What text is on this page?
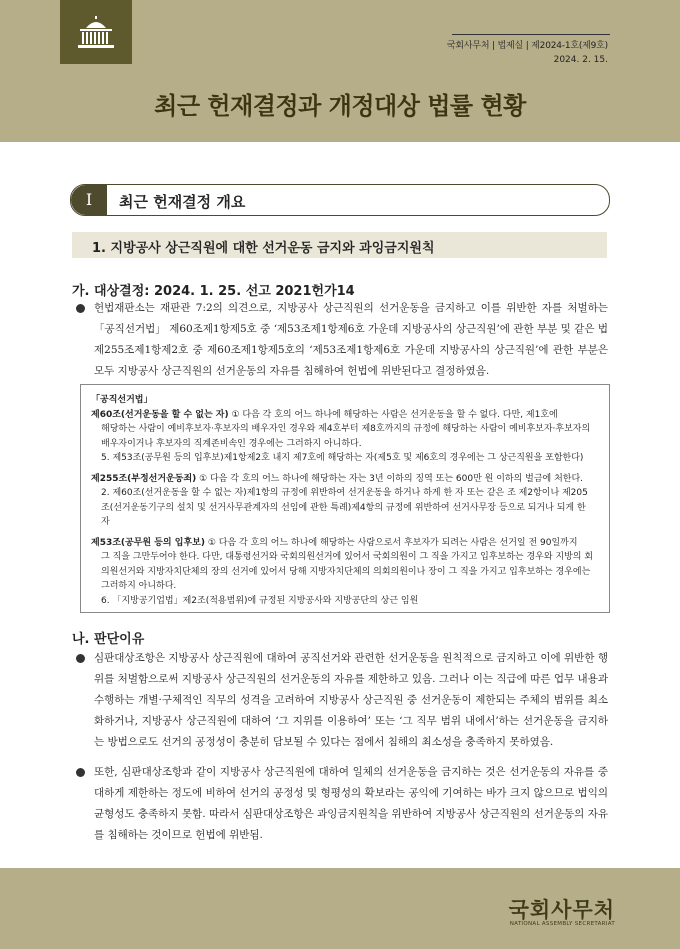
국회사무처 | 법제실 | 제2024-1호(제9호)
2024. 2. 15.
최근 헌재결정과 개정대상 법률 현황
I	최근 헌재결정 개요
1. 지방공사 상근직원에 대한 선거운동 금지와 과잉금지원칙
가. 대상결정: 2024. 1. 25. 선고 2021헌가14
헌법재판소는 재판관 7:2의 의견으로, 지방공사 상근직원의 선거운동을 금지하고 이를 위반한 자를 처벌하는 「공직선거법」 제60조제1항제5호 중 ‘제53조제1항제6호 가운데 지방공사의 상근직원’에 관한 부분 및 같은 법 제255조제1항제2호 중 제60조제1항제5호의 ‘제53조제1항제6호 가운데 지방공사의 상근직원’에 관한 부분은 모두 지방공사 상근직원의 선거운동의 자유를 침해하여 헌법에 위반된다고 결정하였음.

「공직선거법」

제60조(선거운동을 할 수 없는 자) ① 다음 각 호의 어느 하나에 해당하는 사람은 선거운동을 할 수 없다. 다만, 제1호에

해당하는 사람이 예비후보자·후보자의 배우자인 경우와 제4호부터 제8호까지의 규정에 해당하는 사람이 예비후보자·후보자의 배우자이거나 후보자의 직계존비속인 경우에는 그러하지 아니하다.

5. 제53조(공무원 등의 입후보)제1항제2호 내지 제7호에 해당하는 자(제5호 및 제6호의 경우에는 그 상근직원을 포함한다)

제255조(부정선거운동죄) ① 다음 각 호의 어느 하나에 해당하는 자는 3년 이하의 징역 또는 600만 원 이하의 벌금에 처한다.

2. 제60조(선거운동을 할 수 없는 자)제1항의 규정에 위반하여 선거운동을 하거나 하게 한 자 또는 같은 조 제2항이나 제205조(선거운동기구의 설치 및 선거사무관계자의 선임에 관한 특례)제4항의 규정에 위반하여 선거사무장 등으로 되거나 되게 한 자

제53조(공무원 등의 입후보) ① 다음 각 호의 어느 하나에 해당하는 사람으로서 후보자가 되려는 사람은 선거일 전 90일까지

그 직을 그만두어야 한다. 다만, 대통령선거와 국회의원선거에 있어서 국회의원이 그 직을 가지고 입후보하는 경우와 지방의 회의원선거와 지방자치단체의 장의 선거에 있어서 당해 지방자치단체의 의회의원이나 장이 그 직을 가지고 입후보하는 경우에는 그러하지 아니하다.

6. 「지방공기업법」제2조(적용범위)에 규정된 지방공사와 지방공단의 상근 임원

나. 판단이유
심판대상조항은 지방공사 상근직원에 대하여 공직선거와 관련한 선거운동을 원칙적으로 금지하고 이에 위반한 행위를 처벌함으로써 지방공사 상근직원의 선거운동의 자유를 제한하고 있음. 그러나 이는 직급에 따른 업무 내용과 수행하는 개별·구체적인 직무의 성격을 고려하여 지방공사 상근직원 중 선거운동이 제한되는 주체의 범위를 최소화하거나, 지방공사 상근직원에 대하여 ‘그 지위를 이용하여’ 또는 ‘그 직무 범위 내에서’하는 선거운동을 금지하는 방법으로도 선거의 공정성이 충분히 담보될 수 있다는 점에서 침해의 최소성을 충족하지 못하였음.
또한, 심판대상조항과 같이 지방공사 상근직원에 대하여 일체의 선거운동을 금지하는 것은 선거운동의 자유를 중대하게 제한하는 정도에 비하여 선거의 공정성 및 형평성의 확보라는 공익에 기여하는 바가 크지 않으므로 법익의 균형성도 충족하지 못함. 따라서 심판대상조항은 과잉금지원칙을 위반하여 지방공사 상근직원의 선거운동의 자유를 침해하는 것이므로 헌법에 위반됨.
국회사무처
NATIONAL ASSEMBLY SECRETARIAT
